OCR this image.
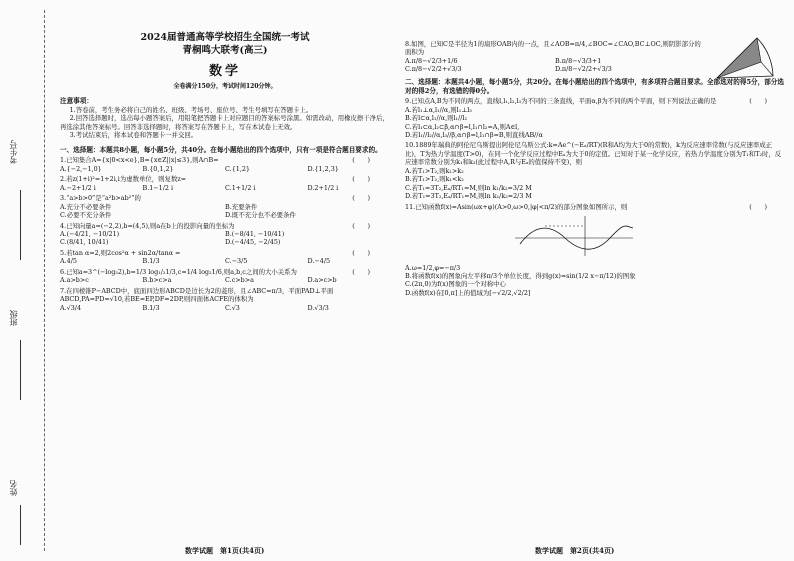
考生号
班级
姓名
2024届普通高等学校招生全国统一考试
青桐鸣大联考(高三)
数学
全卷满分150分，考试时间120分钟。

注意事项：

1.答卷前，考生务必将自己的姓名、班级、考场号、座位号、考生号填写在答题卡上。

2.回答选择题时，选出每小题答案后，用铅笔把答题卡上对应题目的答案标号涂黑。如需改动，用橡皮擦干净后，再选涂其他答案标号。回答非选择题时，将答案写在答题卡上，写在本试卷上无效。

3.考试结束后，将本试卷和答题卡一并交回。

一、选择题：本题共8小题，每小题5分，共40分。在每小题给出的四个选项中，只有一项是符合题目要求的。

(　　)
1.已知集合A={x|0<x<e},B={x∈Z||x|≤3},则A∩B=

A.{−2,−1,0}	B.{0,1,2}	C.{1,2}	D.{1,2,3}

(　　)
2.若z(1+i)²=1+2i,i为虚数单位，则复数z=

A.−2+1/2 i	B.1−1/2 i	C.1+1/2 i	D.2+1/2 i

(　　)
3.“a>b>0”是“a²b>ab²”的

A.充分不必要条件	B.充要条件
C.必要不充分条件	D.既不充分也不必要条件

(　　)
4.已知向量a=(−2,2),b=(4,5),则a在b上的投影向量的坐标为

A.(−4/21, −10/21)	B.(−8/41, −10/41)
C.(8/41, 10/41)	D.(−4/45, −2/45)

(　　)
5.若tan α=2,则2cos²α + sin2α/tanα =

A.4/5	B.1/3	C.−3/5	D.−4/5

(　　)
6.已知a=3^(−log₃2),b=1/3 log₁/₂1/3,c=1/4 log₂1/6,则a,b,c之间的大小关系为

A.a>b>c	B.b>c>a	C.c>b>a	D.a>c>b

7.在四棱锥P−ABCD中，底面四边形ABCD是边长为2的菱形，且∠ABC=π/3，平面PAD⊥平面ABCD,PA=PD=√10,若BE=EP,DF=2DP,则四面体ACFE的体积为

A.√3/4	B.1/3	C.√3	D.√3/3
数学试题　第1页(共4页)

8.如图，已知C是半径为1的扇形OAB内的一点，且∠AOB=π/4,∠BOC=∠CAO,BC⊥OC,则阴影部分的面积为

A.π/8−√2/3+1/6	B.π/8−√3/3+1
C.π/8−√2/2+√3/3	D.π/8−√2/2+√3/3

二、选择题：本题共4小题，每小题5分，共20分。在每小题给出的四个选项中，有多项符合题目要求。全部选对的得5分，部分选对的得2分，有选错的得0分。

(　　)
9.已知点A,B为不同的两点，直线l,l₁,l₂,l₃为不同的三条直线，平面α,β为不同的两个平面，则下列说法正确的是

A.若l₁⊥α,l₁//α,则l₁⊥l₃

B.若l⊂α,l₁//α,则l₁//l₂

C.若l₁⊂α,l₂⊂β,α∩β=l,l₁∩l₂=A,则A∈l,

D.若l₁//l₂//α,l₃//β,α∩β=l,l₁∩β=B,则直线AB//α

10.1889年瑞典的阿伦尼乌斯提出阿伦尼乌斯公式:k=Ae^(−Eₐ/RT)(R和A均为大于0的常数)，k为反应速率常数(与反应速率成正比)，T为热力学温度(T>0)，在同一个化学反应过程中Eₐ为大于0的定值。已知对于某一化学反应，若热力学温度分别为T₁和T₂时，反应速率常数分别为k₁和k₂(此过程中A,R与Eₐ的值保持不变)，则

A.若T₁>T₂,则k₁>k₂

B.若T₁>T₂,则k₁<k₂

C.若T₁=3T₂,Eₐ/RT₁=M,则ln k₁/k₂=3/2 M

D.若T₁=3T₂,Eₐ/RT₁=M,则ln k₁/k₂=2/3 M

(　　)
11.已知函数f(x)=Asin(ωx+φ)(A>0,ω>0,|φ|<π/2)的部分图象如图所示，则

A.ω=1/2,φ=−π/3

B.将函数f(x)的图象向左平移π/3个单位长度，得到g(x)=sin(1/2 x−π/12)的图象

C.(2π,0)为f(x)图象的一个对称中心

D.函数f(x)在[0,π]上的值域为[−√2/2,√2/2]

数学试题　第2页(共4页)
